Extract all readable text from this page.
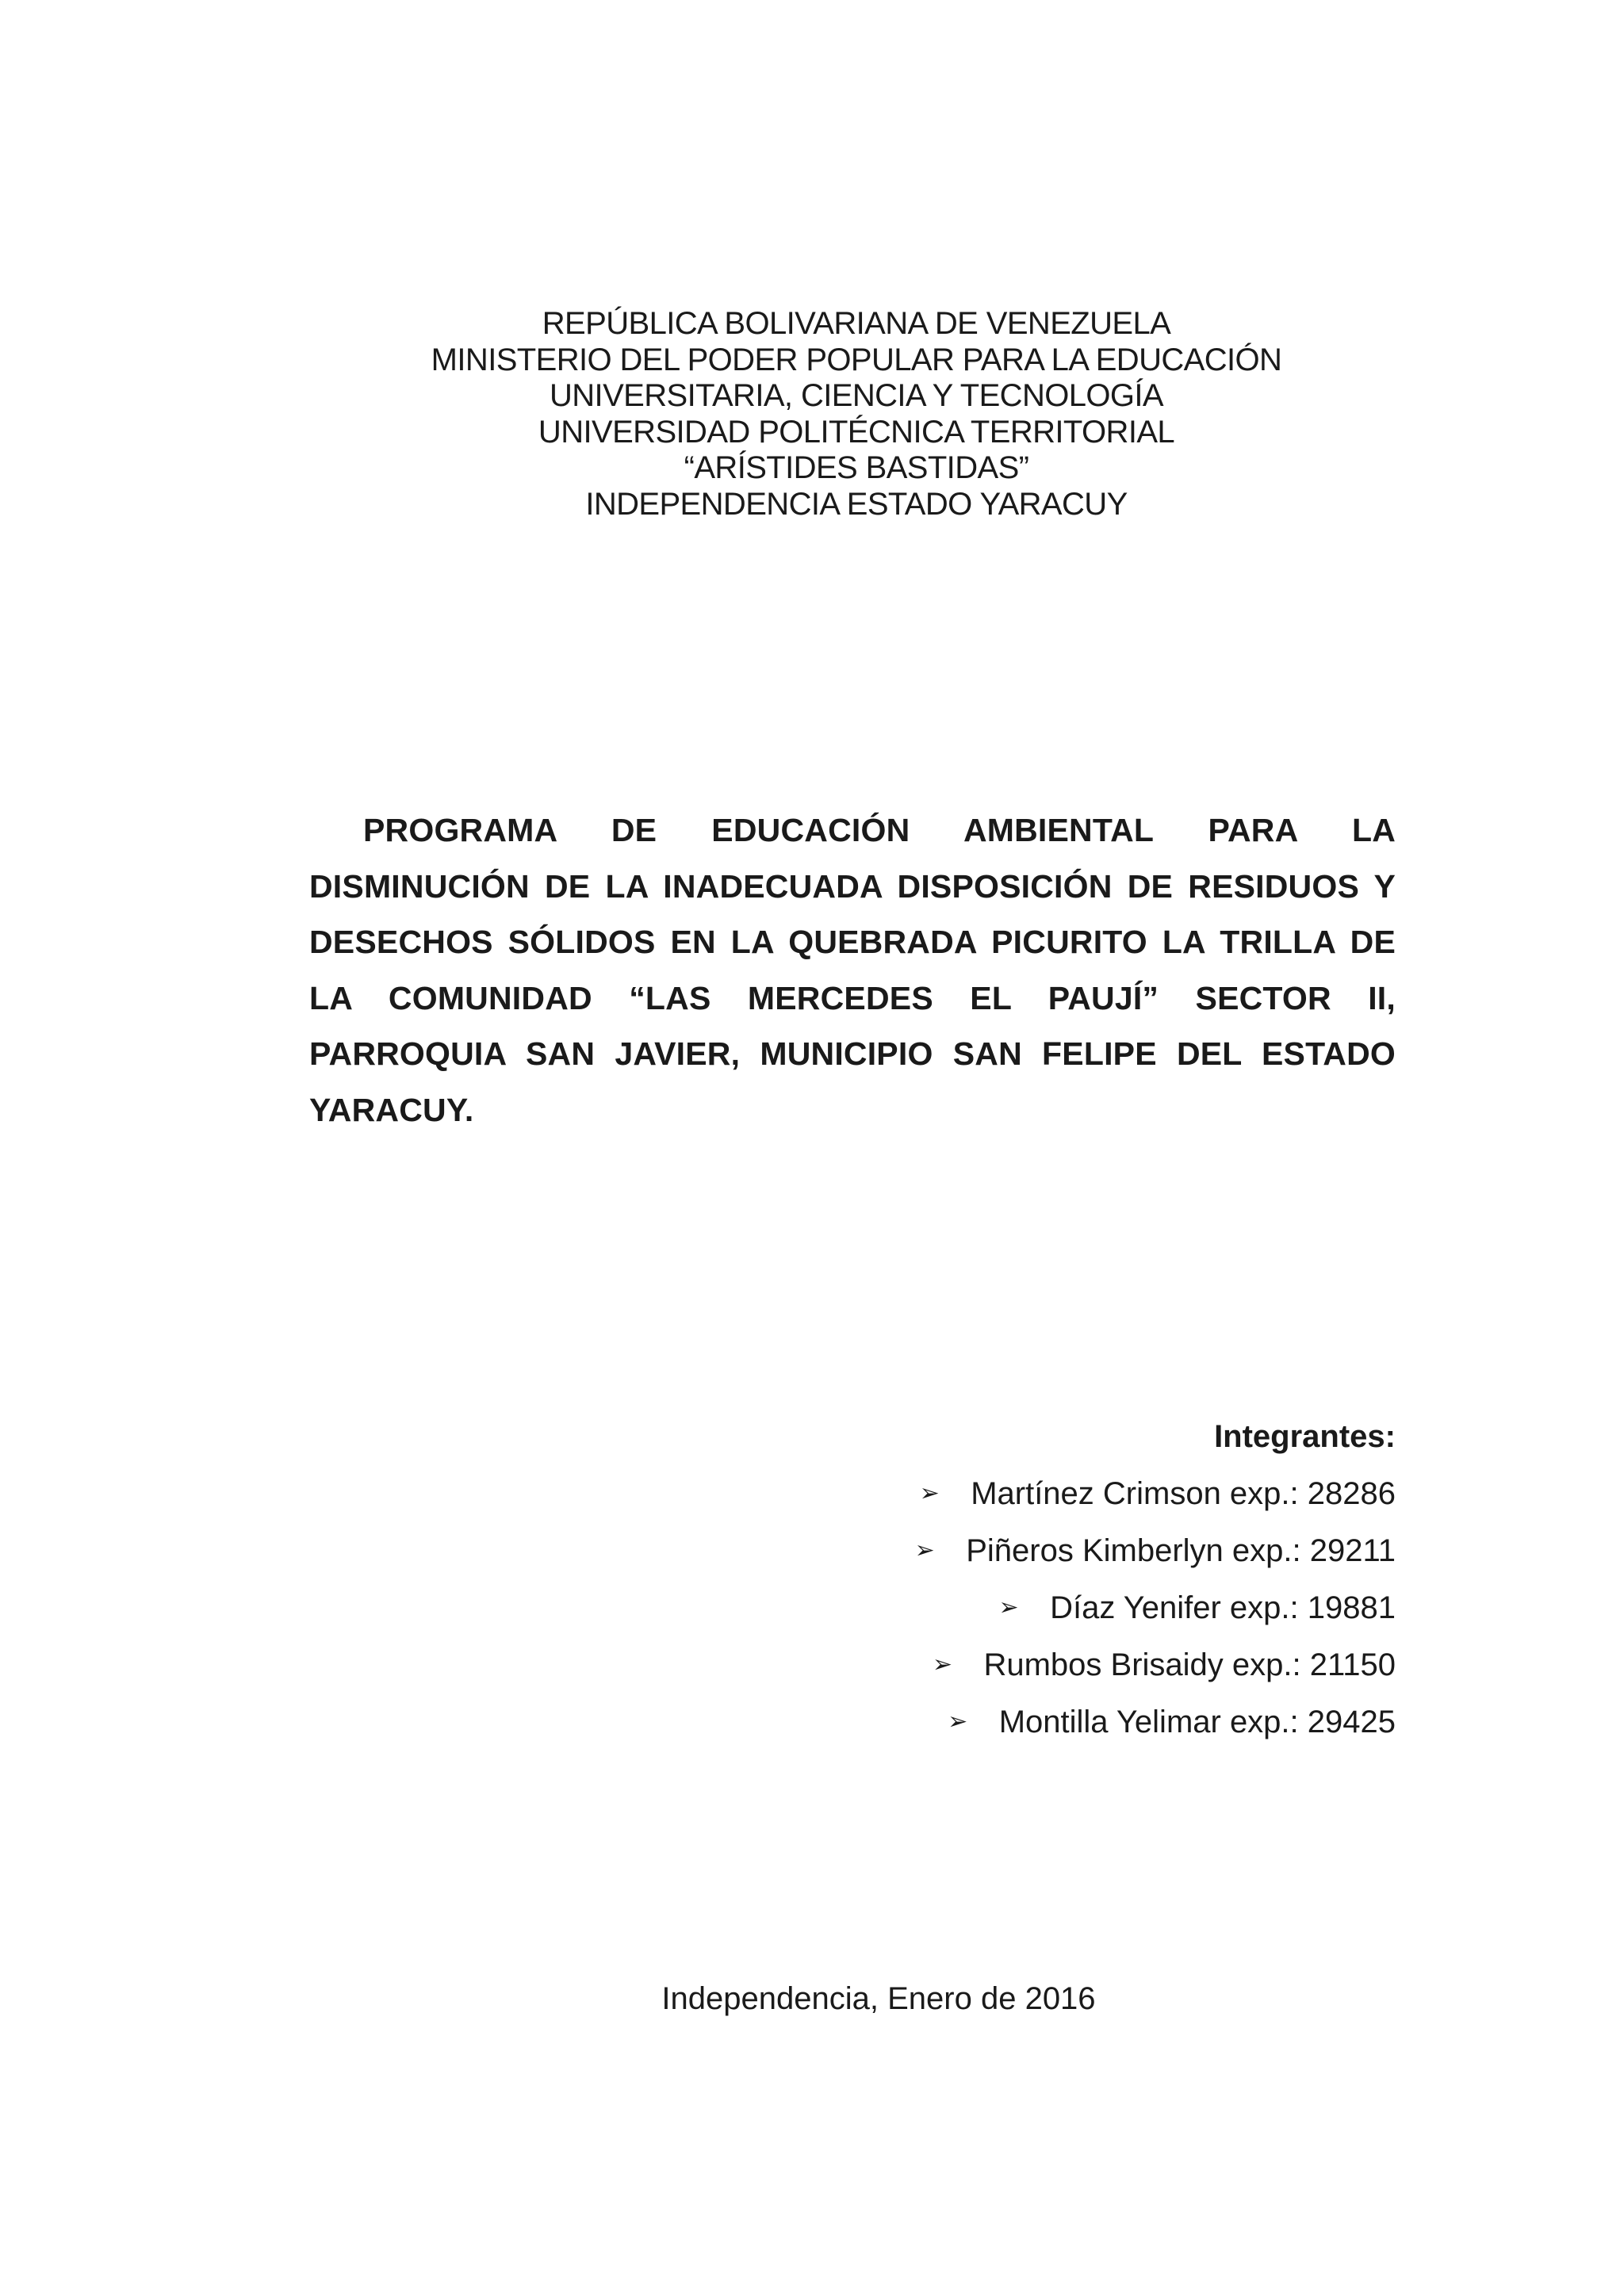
REPÚBLICA BOLIVARIANA DE VENEZUELA
MINISTERIO DEL PODER POPULAR PARA LA EDUCACIÓN
UNIVERSITARIA, CIENCIA Y TECNOLOGÍA
UNIVERSIDAD POLITÉCNICA TERRITORIAL
“ARÍSTIDES BASTIDAS”
INDEPENDENCIA ESTADO YARACUY
PROGRAMA DE EDUCACIÓN AMBIENTAL PARA LA DISMINUCIÓN DE LA INADECUADA DISPOSICIÓN DE RESIDUOS Y DESECHOS SÓLIDOS EN LA QUEBRADA PICURITO LA TRILLA DE LA COMUNIDAD “LAS MERCEDES EL PAUJÍ” SECTOR II, PARROQUIA SAN JAVIER, MUNICIPIO SAN FELIPE DEL ESTADO YARACUY.
Integrantes:
➢ Martínez Crimson exp.: 28286
➢ Piñeros Kimberlyn exp.: 29211
➢ Díaz Yenifer exp.: 19881
➢ Rumbos Brisaidy exp.: 21150
➢ Montilla Yelimar exp.: 29425
Independencia, Enero de 2016
